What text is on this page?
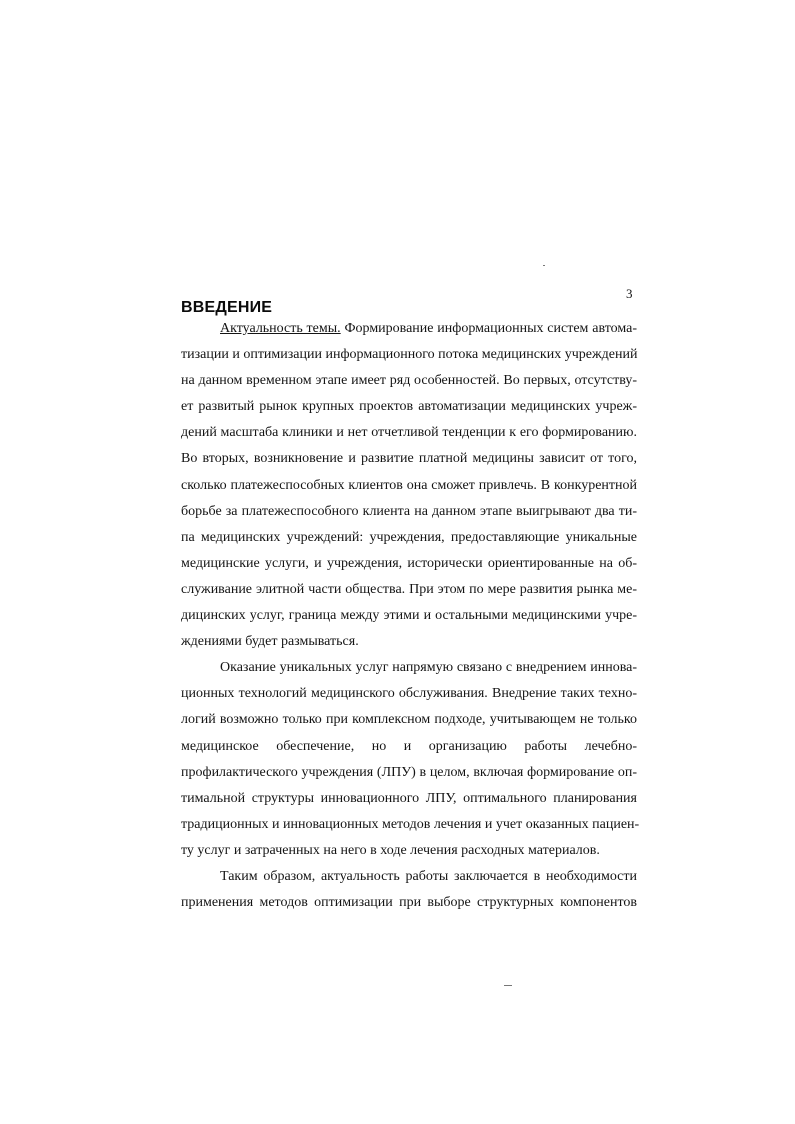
3
ВВЕДЕНИЕ

Актуальность темы. Формирование информационных систем автома-
тизации и оптимизации информационного потока медицинских учреждений
на данном временном этапе имеет ряд особенностей. Во первых, отсутству-
ет развитый рынок крупных проектов автоматизации медицинских учреж-
дений масштаба клиники и нет отчетливой тенденции к его формированию.
Во вторых, возникновение и развитие платной медицины зависит от того,
сколько платежеспособных клиентов она сможет привлечь. В конкурентной
борьбе за платежеспособного клиента на данном этапе выигрывают два ти-
па медицинских учреждений: учреждения, предоставляющие уникальные
медицинские услуги, и учреждения, исторически ориентированные на об-
служивание элитной части общества. При этом по мере развития рынка ме-
дицинских услуг, граница между этими и остальными медицинскими учре-
ждениями будет размываться.

Оказание уникальных услуг напрямую связано с внедрением иннова-
ционных технологий медицинского обслуживания. Внедрение таких техно-
логий возможно только при комплексном подходе, учитывающем не только
медицинское обеспечение, но и организацию работы лечебно-
профилактического учреждения (ЛПУ) в целом, включая формирование оп-
тимальной структуры инновационного ЛПУ, оптимального планирования
традиционных и инновационных методов лечения и учет оказанных пациен-
ту услуг и затраченных на него в ходе лечения расходных материалов.

Таким образом, актуальность работы заключается в необходимости
применения методов оптимизации при выборе структурных компонентов
